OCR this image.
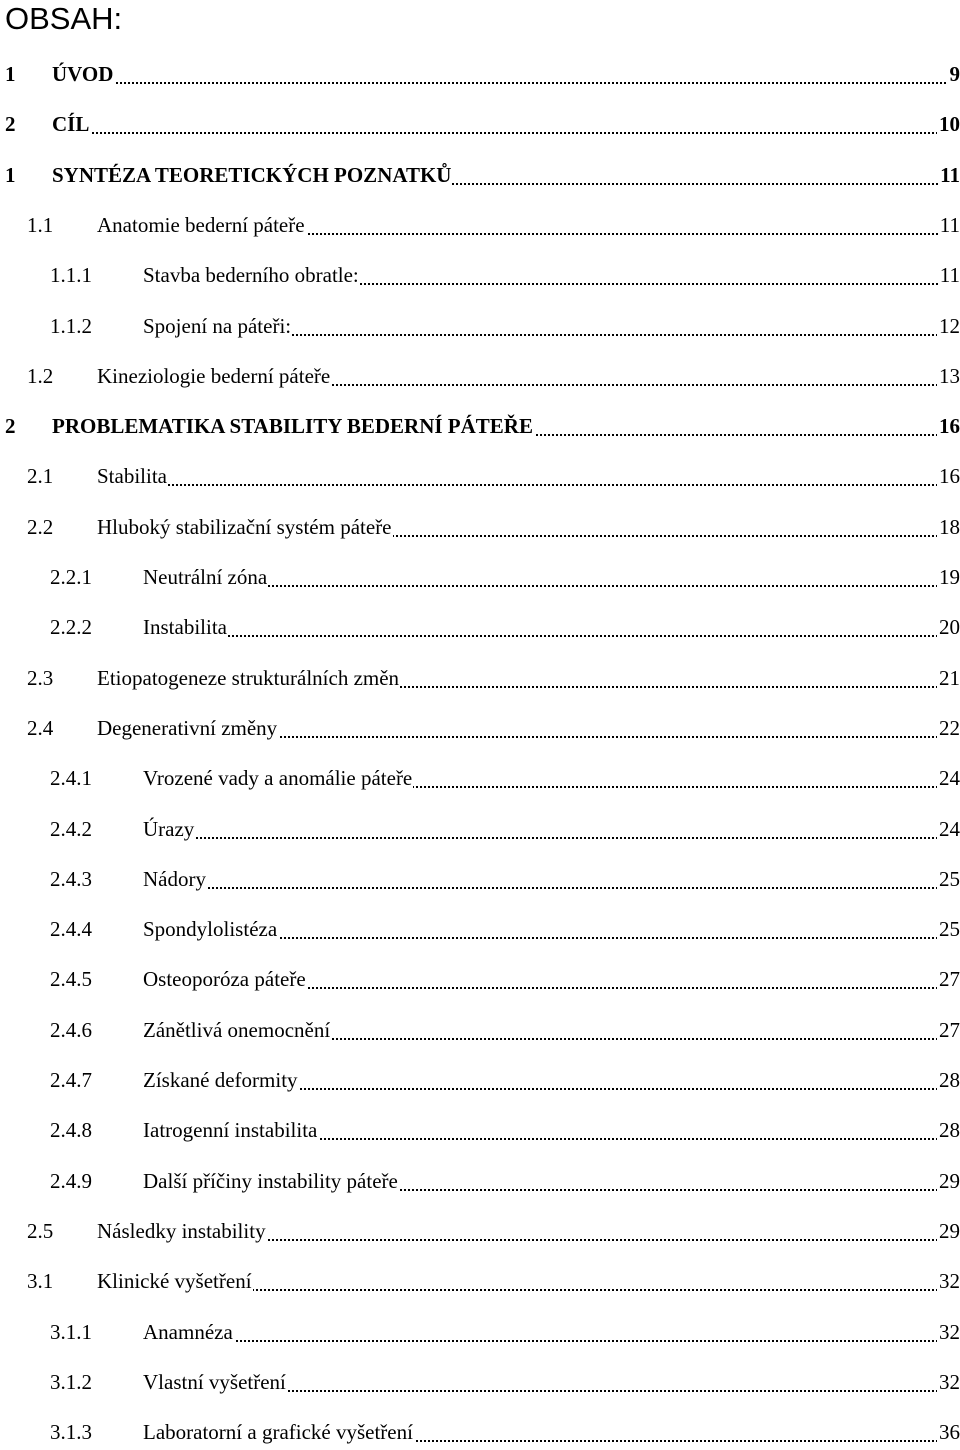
OBSAH:
1 ÚVOD	9
2 CÍL	10
1 SYNTÉZA TEORETICKÝCH POZNATKŮ	11
1.1 Anatomie bederní páteře	11
1.1.1 Stavba bederního obratle:	11
1.1.2 Spojení na páteři:	12
1.2 Kineziologie bederní páteře	13
2 PROBLEMATIKA STABILITY BEDERNÍ PÁTEŘE	16
2.1 Stabilita	16
2.2 Hluboký stabilizační systém páteře	18
2.2.1 Neutrální zóna	19
2.2.2 Instabilita	20
2.3 Etiopatogeneze strukturálních změn	21
2.4 Degenerativní změny	22
2.4.1 Vrozené vady a anomálie páteře	24
2.4.2 Úrazy	24
2.4.3 Nádory	25
2.4.4 Spondylolistéza	25
2.4.5 Osteoporóza páteře	27
2.4.6 Zánětlivá onemocnění	27
2.4.7 Získané deformity	28
2.4.8 Iatrogenní instabilita	28
2.4.9 Další příčiny instability páteře	29
2.5 Následky instability	29
3.1 Klinické vyšetření	32
3.1.1 Anamnéza	32
3.1.2 Vlastní vyšetření	32
3.1.3 Laboratorní a grafické vyšetření	36
